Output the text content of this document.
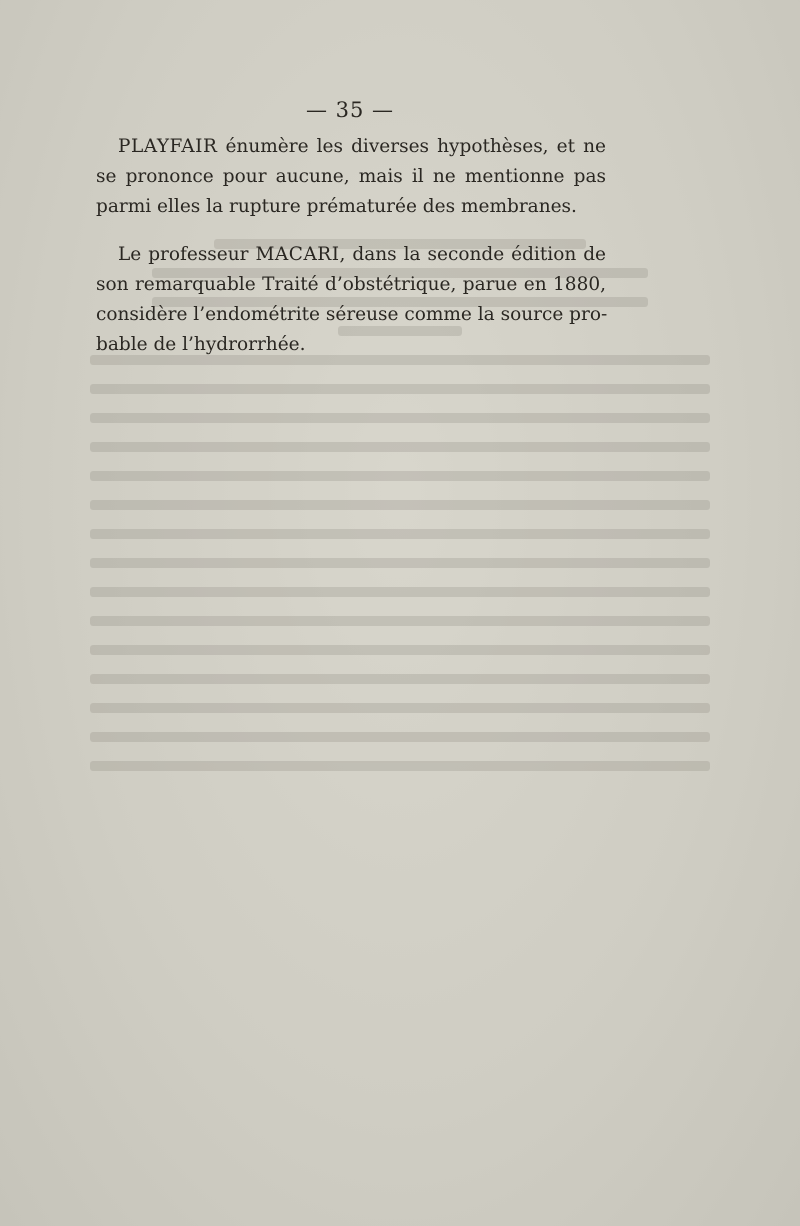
— 35 —
PLAYFAIR énumère les diverses hypothèses, et ne
se prononce pour aucune, mais il ne mentionne pas
parmi elles la rupture prématurée des membranes.
Le professeur MACARI, dans la seconde édition de
son remarquable Traité d’obstétrique, parue en 1880,
considère l’endométrite séreuse comme la source pro-
bable de l’hydrorrhée.
